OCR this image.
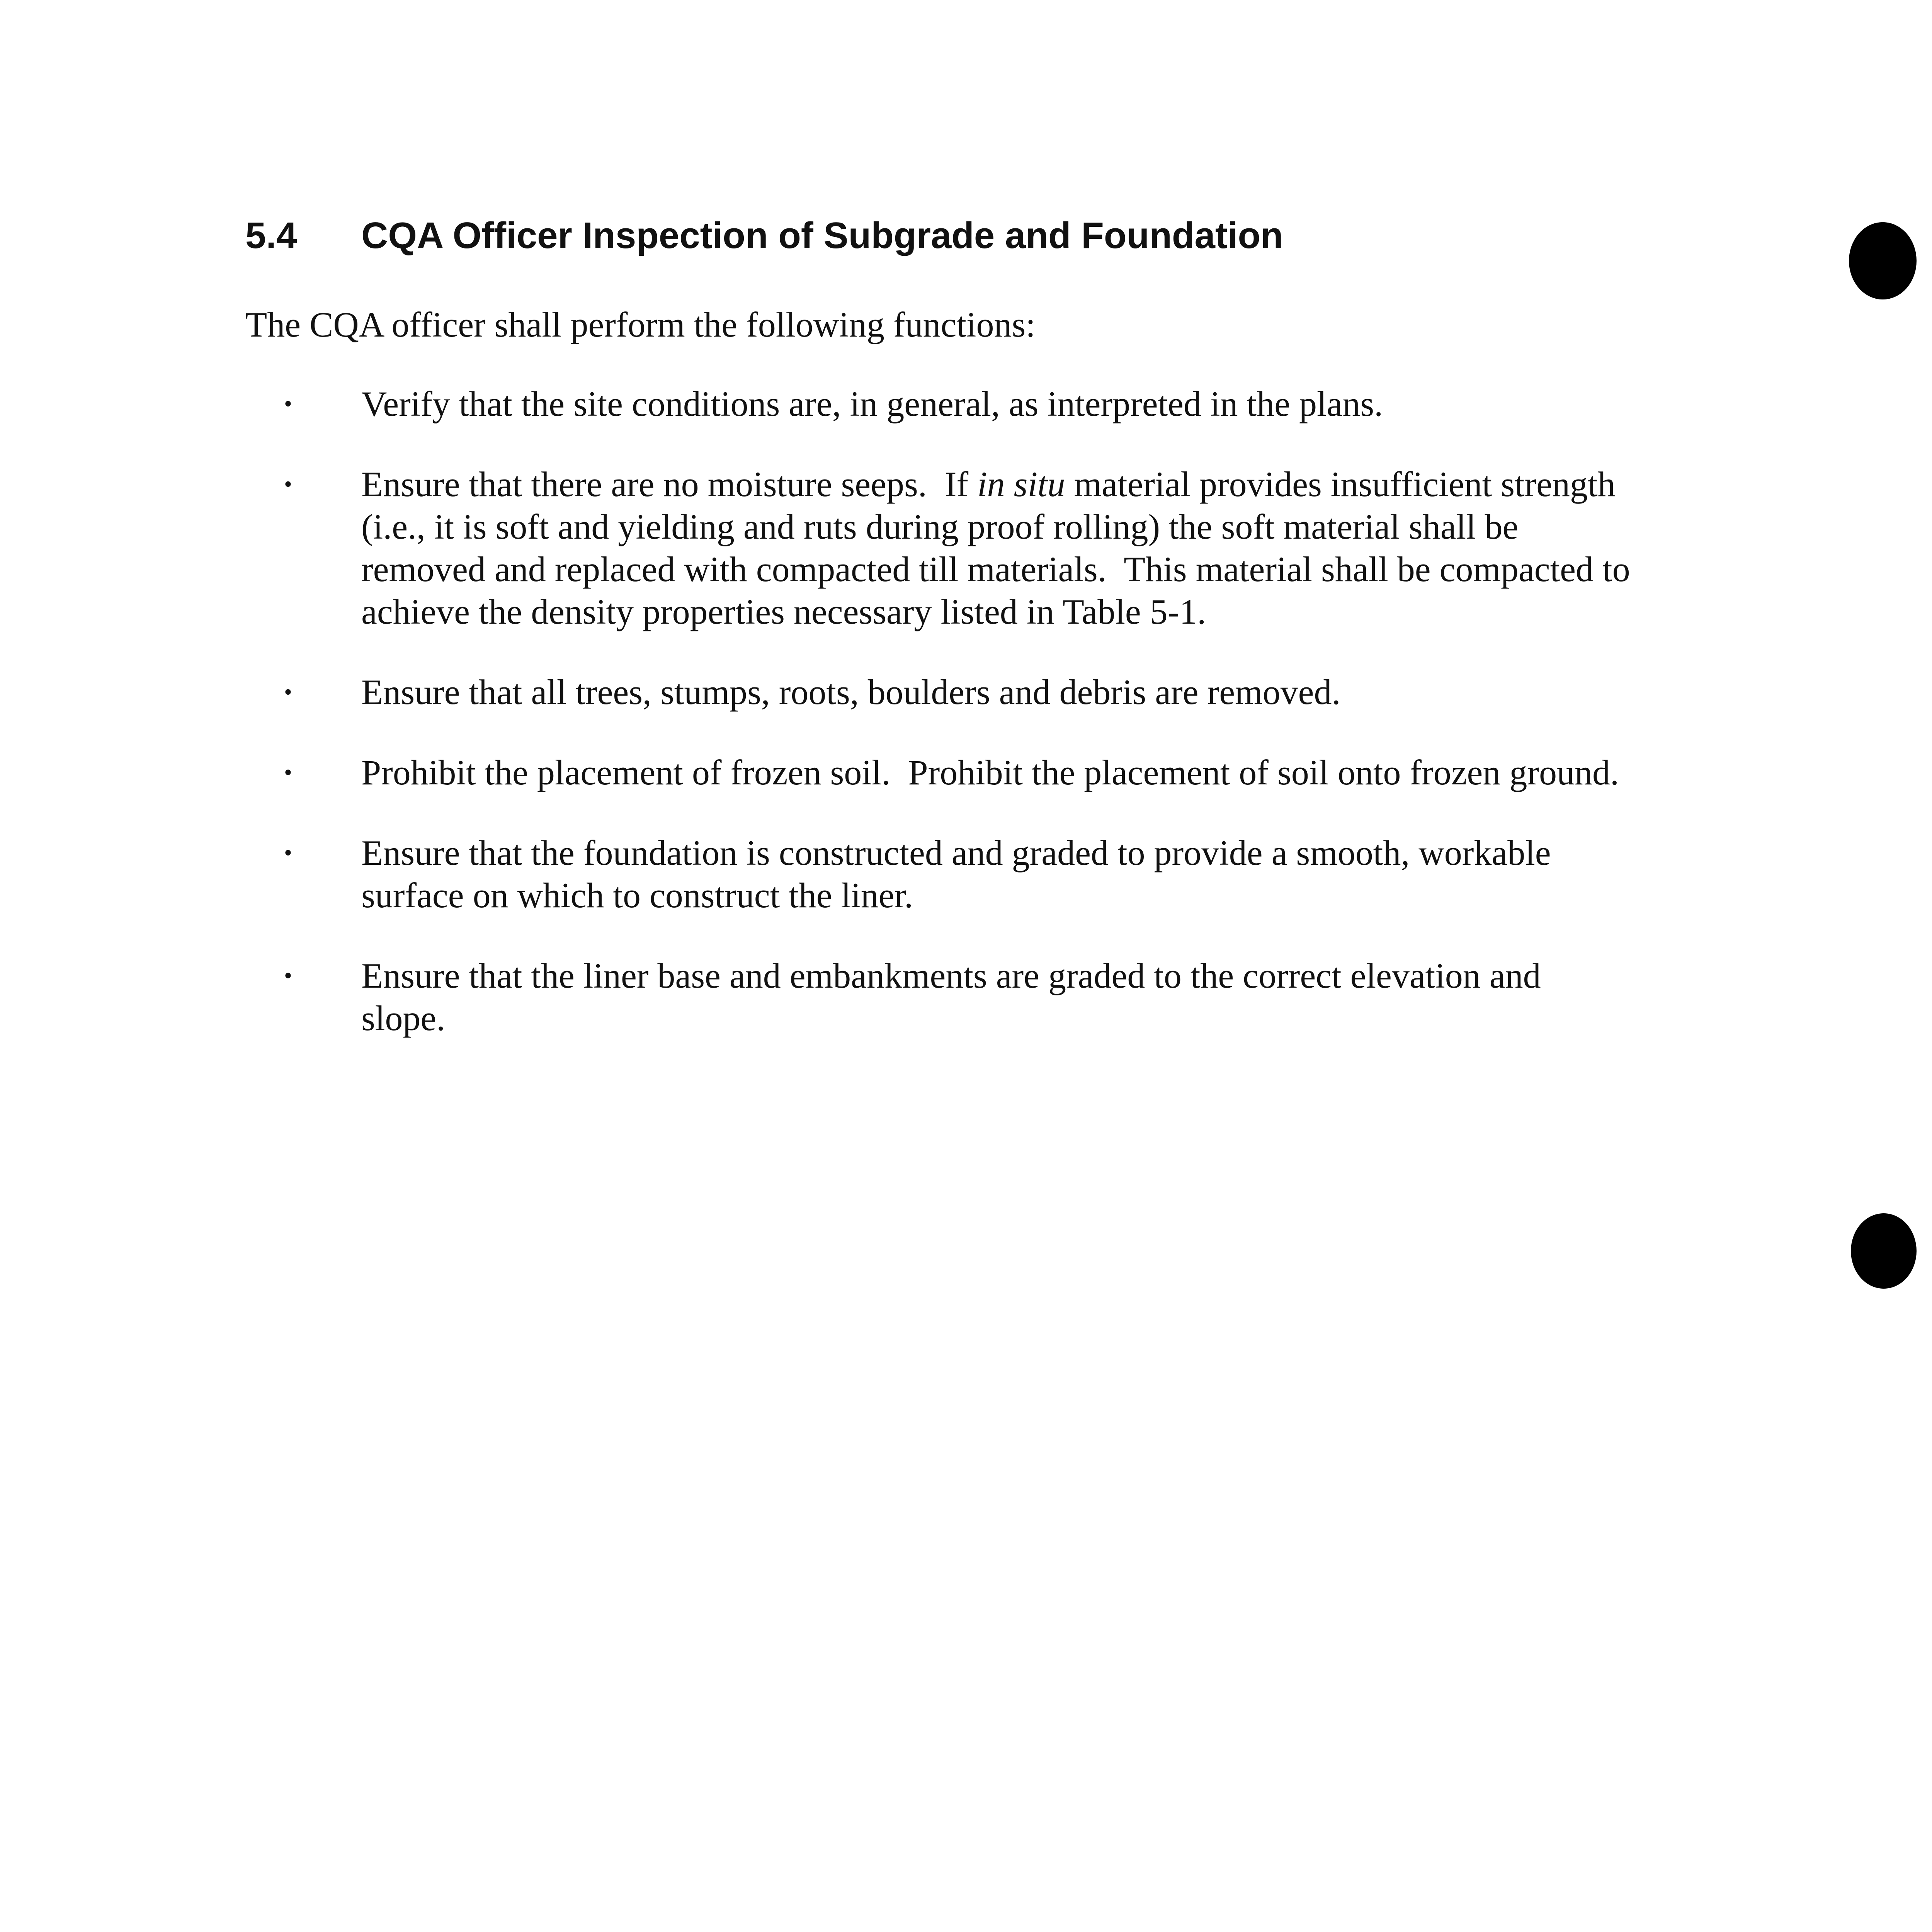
5.4 CQA Officer Inspection of Subgrade and Foundation
The CQA officer shall perform the following functions:
•	Verify that the site conditions are, in general, as interpreted in the plans.
•	Ensure that there are no moisture seeps.  If in situ material provides insufficient strength
(i.e., it is soft and yielding and ruts during proof rolling) the soft material shall be
removed and replaced with compacted till materials.  This material shall be compacted to
achieve the density properties necessary listed in Table 5-1.
•	Ensure that all trees, stumps, roots, boulders and debris are removed.
•	Prohibit the placement of frozen soil.  Prohibit the placement of soil onto frozen ground.
•	Ensure that the foundation is constructed and graded to provide a smooth, workable
surface on which to construct the liner.
•	Ensure that the liner base and embankments are graded to the correct elevation and
slope.
